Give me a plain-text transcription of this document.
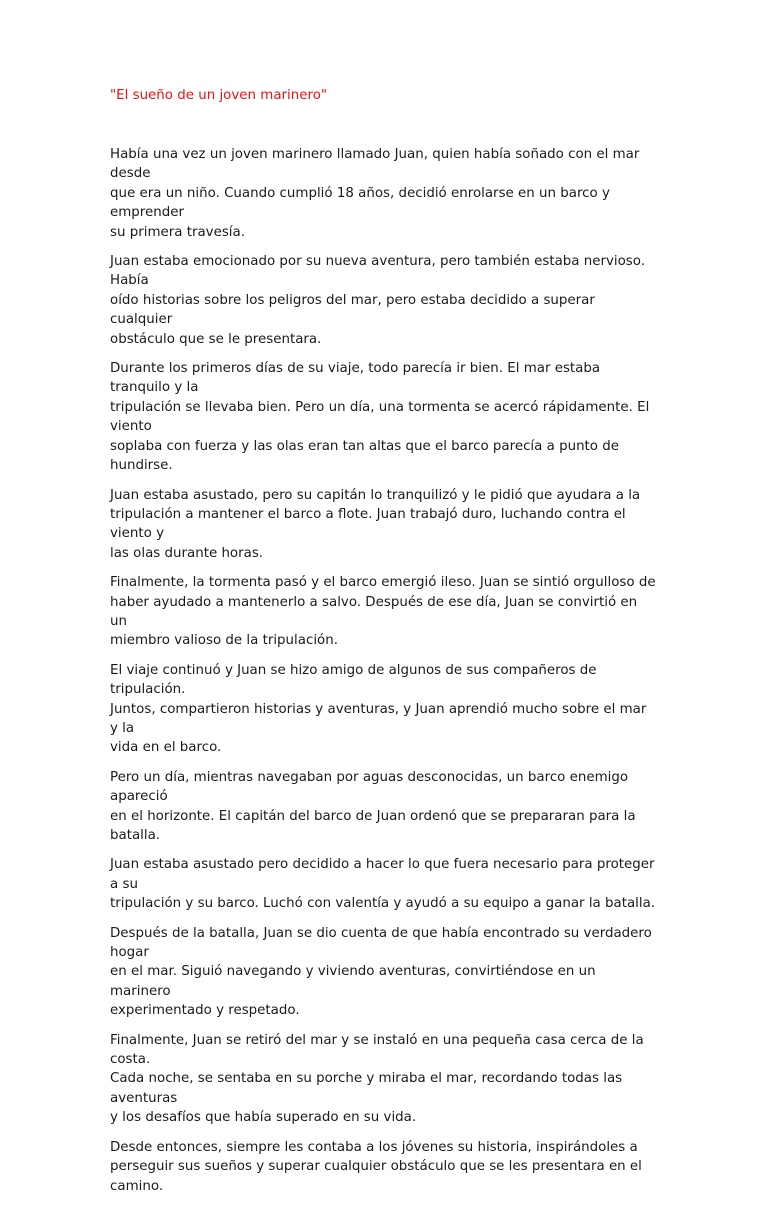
"El sueño de un joven marinero"

Había una vez un joven marinero llamado Juan, quien había soñado con el mar desde
que era un niño. Cuando cumplió 18 años, decidió enrolarse en un barco y emprender
su primera travesía.

Juan estaba emocionado por su nueva aventura, pero también estaba nervioso. Había
oído historias sobre los peligros del mar, pero estaba decidido a superar cualquier
obstáculo que se le presentara.

Durante los primeros días de su viaje, todo parecía ir bien. El mar estaba tranquilo y la
tripulación se llevaba bien. Pero un día, una tormenta se acercó rápidamente. El viento
soplaba con fuerza y las olas eran tan altas que el barco parecía a punto de hundirse.

Juan estaba asustado, pero su capitán lo tranquilizó y le pidió que ayudara a la
tripulación a mantener el barco a flote. Juan trabajó duro, luchando contra el viento y
las olas durante horas.

Finalmente, la tormenta pasó y el barco emergió ileso. Juan se sintió orgulloso de
haber ayudado a mantenerlo a salvo. Después de ese día, Juan se convirtió en un
miembro valioso de la tripulación.

El viaje continuó y Juan se hizo amigo de algunos de sus compañeros de tripulación.
Juntos, compartieron historias y aventuras, y Juan aprendió mucho sobre el mar y la
vida en el barco.

Pero un día, mientras navegaban por aguas desconocidas, un barco enemigo apareció
en el horizonte. El capitán del barco de Juan ordenó que se prepararan para la batalla.

Juan estaba asustado pero decidido a hacer lo que fuera necesario para proteger a su
tripulación y su barco. Luchó con valentía y ayudó a su equipo a ganar la batalla.

Después de la batalla, Juan se dio cuenta de que había encontrado su verdadero hogar
en el mar. Siguió navegando y viviendo aventuras, convirtiéndose en un marinero
experimentado y respetado.

Finalmente, Juan se retiró del mar y se instaló en una pequeña casa cerca de la costa.
Cada noche, se sentaba en su porche y miraba el mar, recordando todas las aventuras
y los desafíos que había superado en su vida.

Desde entonces, siempre les contaba a los jóvenes su historia, inspirándoles a
perseguir sus sueños y superar cualquier obstáculo que se les presentara en el camino.
